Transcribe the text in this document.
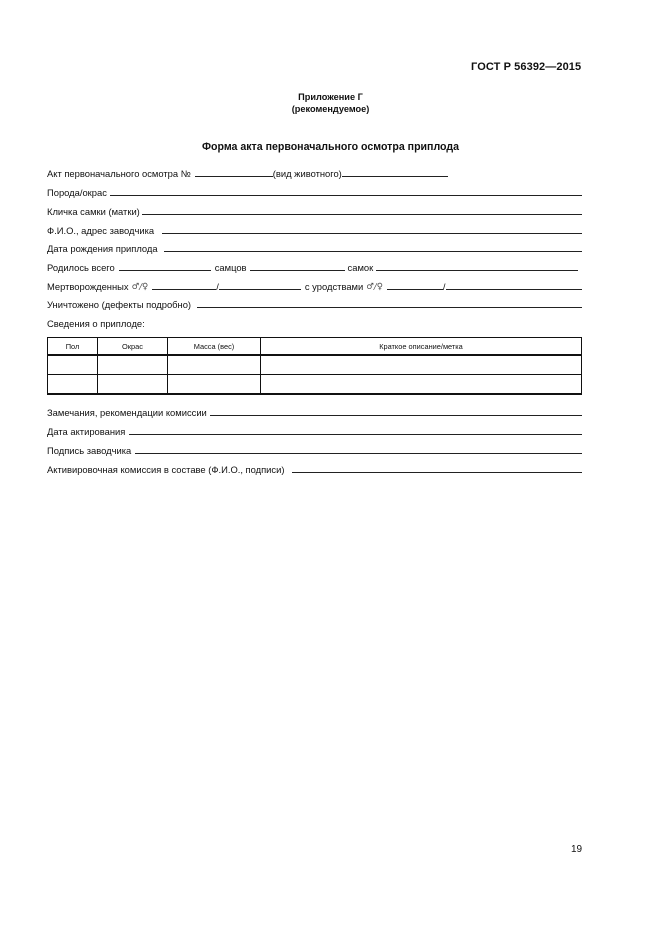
ГОСТ Р 56392—2015
Приложение Г
(рекомендуемое)
Форма акта первоначального осмотра приплода
Акт первоначального осмотра №	(вид животного)
Порода/окрас
Кличка самки (матки)
Ф.И.О., адрес заводчика
Дата рождения приплода
Родилось всего	самцов	самок
Мертворожденных ♂/♀	/	с уродствами ♂/♀	/
Уничтожено (дефекты подробно)
Сведения о приплоде:
Пол	Окрас	Масса (вес)	Краткое описание/метка

Замечания, рекомендации комиссии
Дата актирования
Подпись заводчика
Активировочная комиссия в составе (Ф.И.О., подписи)
19
